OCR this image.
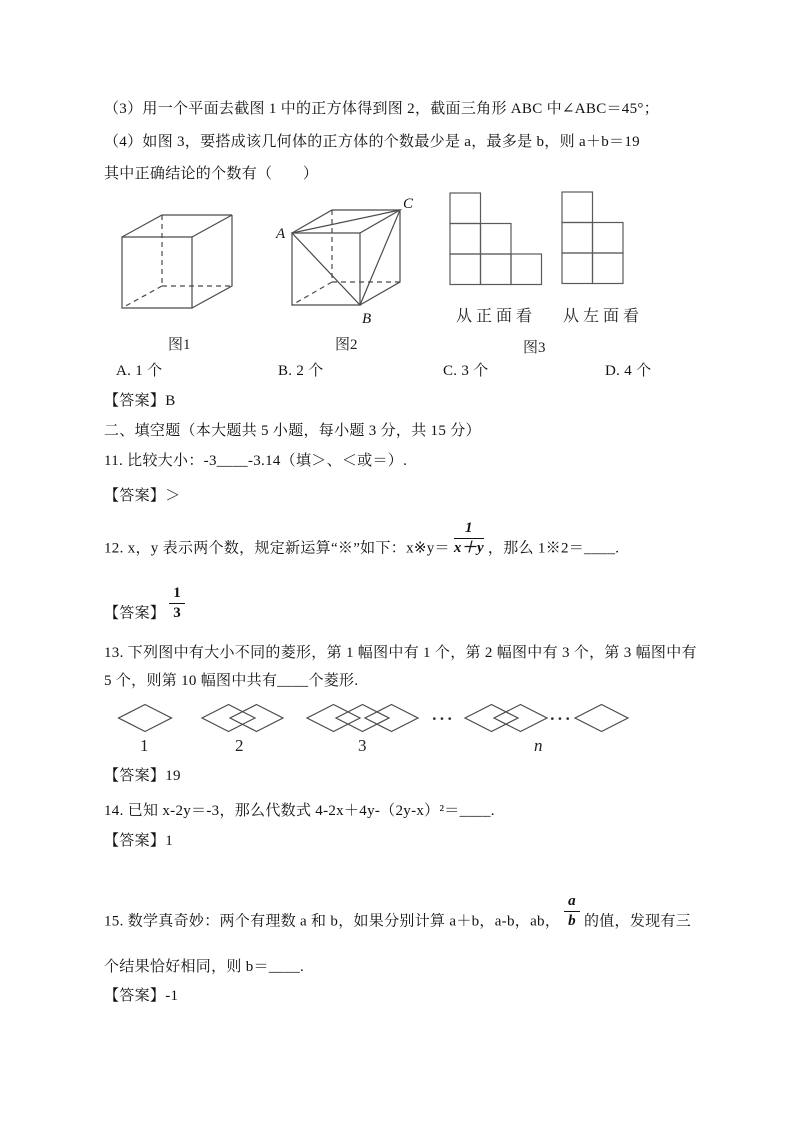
（3）用一个平面去截图 1 中的正方体得到图 2，截面三角形 ABC 中∠ABC＝45°；
（4）如图 3，要搭成该几何体的正方体的个数最少是 a，最多是 b，则 a＋b＝19
其中正确结论的个数有（　　）
图1
A
B
C
图2
从正面看 从左面看
图3
A. 1 个	B. 2 个	C. 3 个	D. 4 个
【答案】B
二、填空题（本大题共 5 小题，每小题 3 分，共 15 分）
11. 比较大小：-3____-3.14（填＞、＜或＝）.
【答案】＞
12. x，y 表示两个数，规定新运算“※”如下：x※y＝ $\frac{1}{x+y}$ ，那么 1※2＝____.
【答案】 $\frac{1}{3}$
13. 下列图中有大小不同的菱形，第 1 幅图中有 1 个，第 2 幅图中有 3 个，第 3 幅图中有
5 个，则第 10 幅图中共有____个菱形.
···	···
1	2	3	n
【答案】19
14. 已知 x-2y＝-3，那么代数式 4-2x＋4y-（2y-x）²＝____.
【答案】1
15. 数学真奇妙：两个有理数 a 和 b，如果分别计算 a＋b，a-b，ab， $\frac{a}{b}$ 的值，发现有三
个结果恰好相同，则 b＝____.
【答案】-1
